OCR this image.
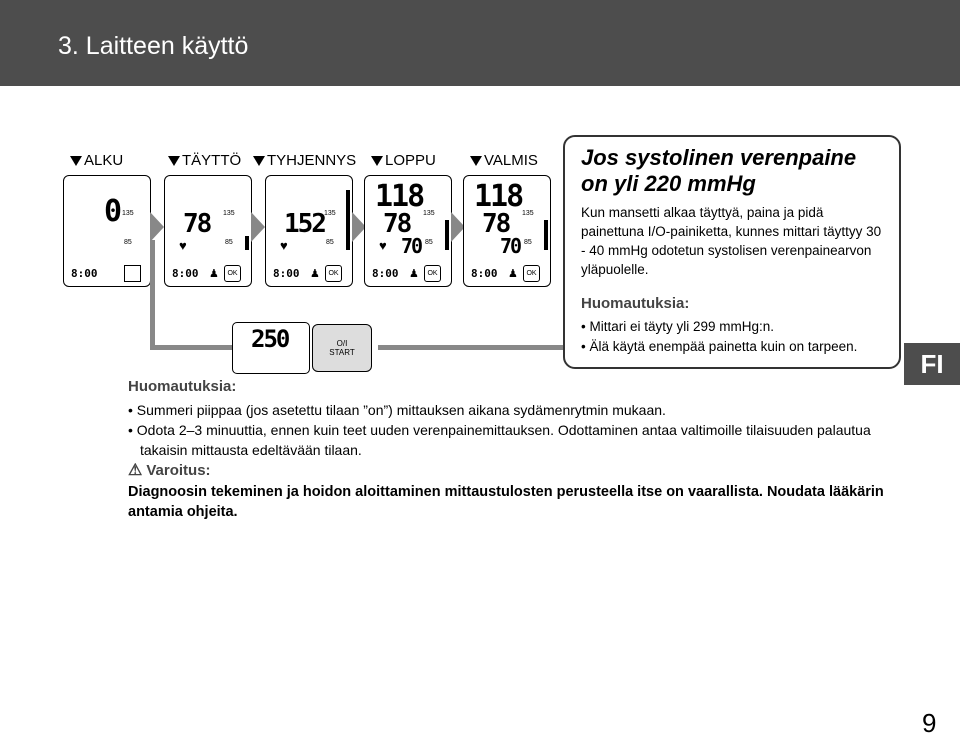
3. Laitteen käyttö
ALKU	TÄYTTÖ	TYHJENNYS	LOPPU	VALMIS
0 135
85
8:00
78 135
85
♥
8:00 ♟	OK
152 135
85
♥
8:00 ♟	OK
118
78
70
135
85
♥
8:00 ♟	OK
118
78
70
135
85
8:00 ♟	OK
250	O/I
START
Jos systolinen verenpaine on yli 220 mmHg
Kun mansetti alkaa täyttyä, paina ja pidä painettuna I/O-painiketta, kunnes mittari täyttyy 30 - 40 mmHg odotetun systolisen verenpainearvon yläpuolelle.
Huomautuksia:
• Mittari ei täyty yli 299 mmHg:n.
• Älä käytä enempää painetta kuin on tarpeen.
FI
Huomautuksia:
• Summeri piippaa (jos asetettu tilaan ”on”) mittauksen aikana sydämenrytmin mukaan.
• Odota 2–3 minuuttia, ennen kuin teet uuden verenpainemittauksen. Odottaminen antaa valtimoille tilaisuuden palautua takaisin mittausta edeltävään tilaan.
⚠ Varoitus:
Diagnoosin tekeminen ja hoidon aloittaminen mittaustulosten perusteella itse on vaarallista. Noudata lääkärin antamia ohjeita.
9
